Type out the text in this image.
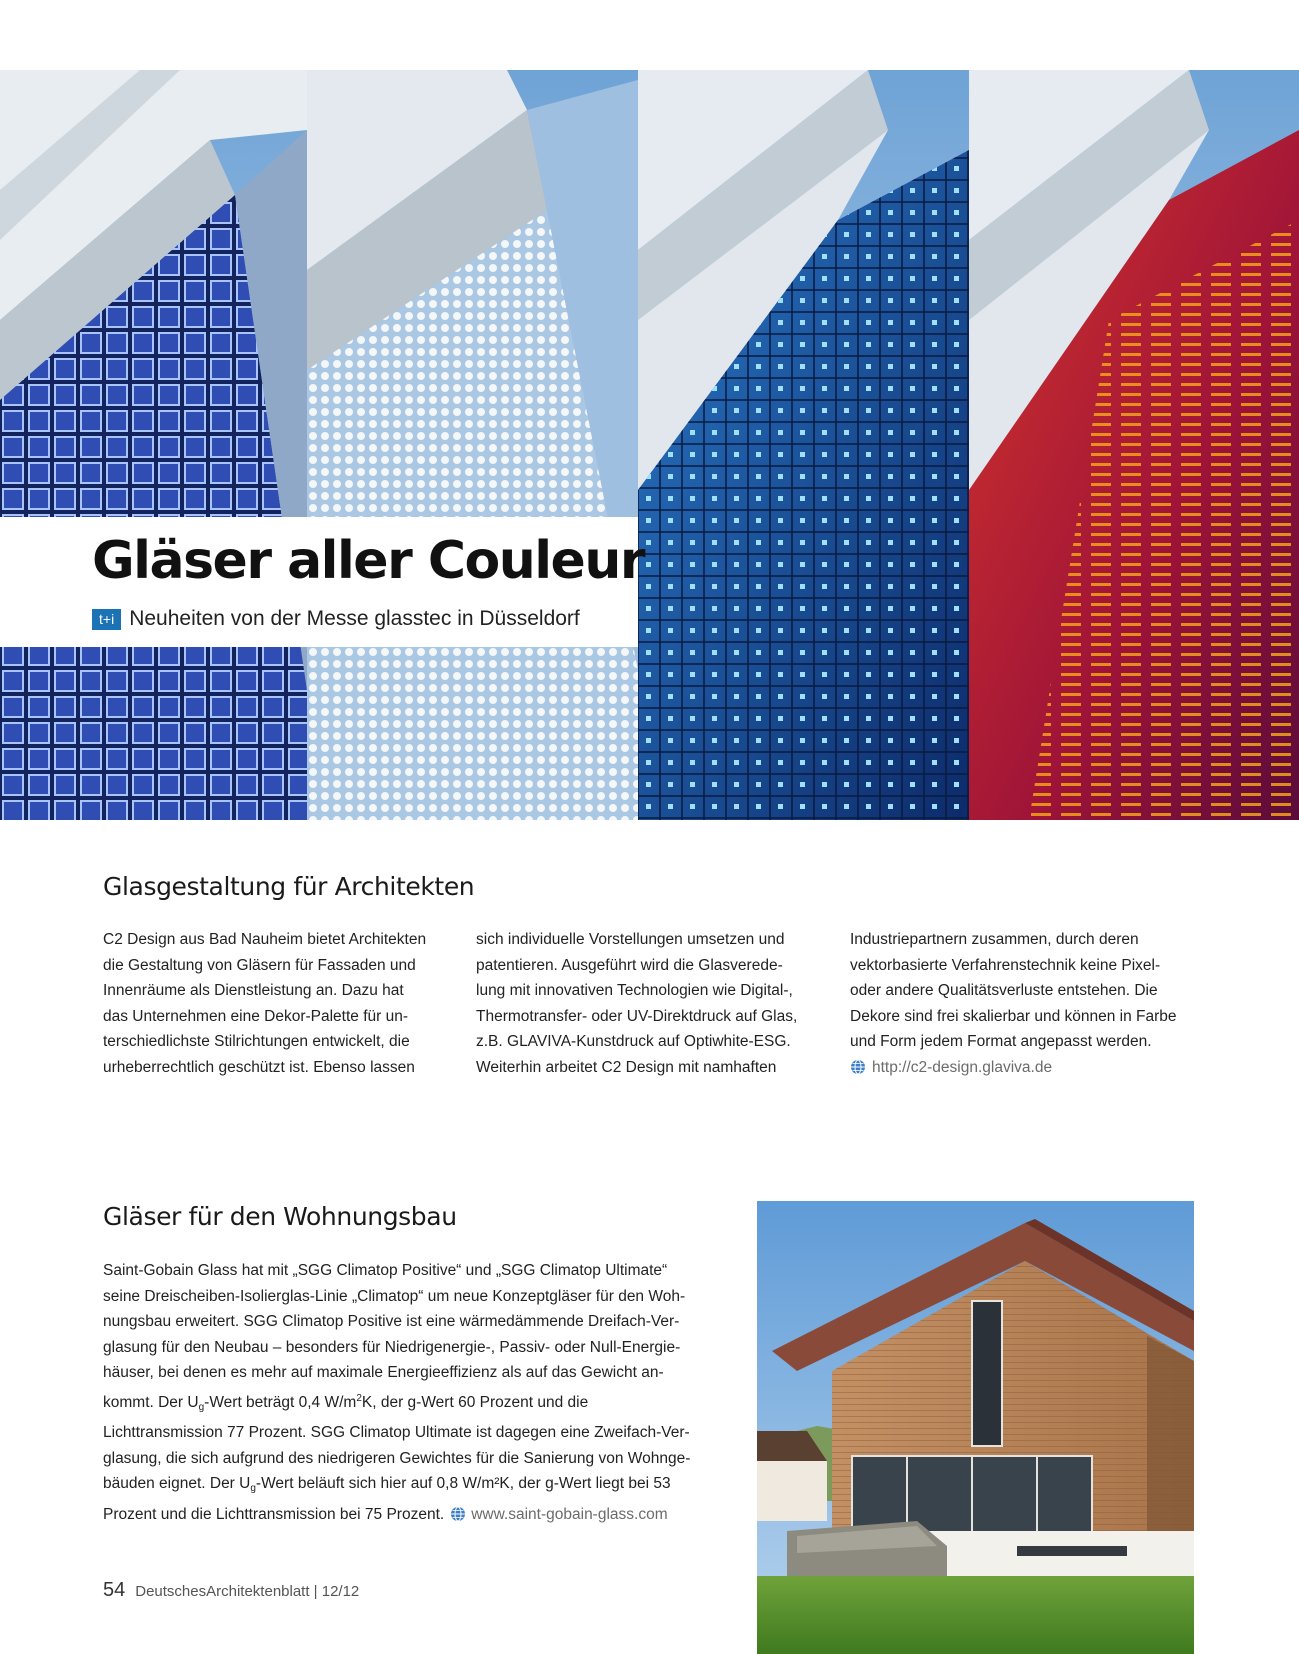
Gläser aller Couleur
t+i Neuheiten von der Messe glasstec in Düsseldorf
Glasgestaltung für Architekten
C2 Design aus Bad Nauheim bietet Architekten
die Gestaltung von Gläsern für Fassaden und
Innenräume als Dienstleistung an. Dazu hat
das Unternehmen eine Dekor-Palette für un-
terschiedlichste Stilrichtungen entwickelt, die
urheberrechtlich geschützt ist. Ebenso lassen
sich individuelle Vorstellungen umsetzen und
patentieren. Ausgeführt wird die Glasverede-
lung mit innovativen Technologien wie Digital-,
Thermotransfer- oder UV-Direktdruck auf Glas,
z.B. GLAVIVA-Kunstdruck auf Optiwhite-ESG.
Weiterhin arbeitet C2 Design mit namhaften
Industriepartnern zusammen, durch deren
vektorbasierte Verfahrenstechnik keine Pixel-
oder andere Qualitätsverluste entstehen. Die
Dekore sind frei skalierbar und können in Farbe
und Form jedem Format angepasst werden.
http://c2-design.glaviva.de
Gläser für den Wohnungsbau
Saint-Gobain Glass hat mit „SGG Climatop Positive“ und „SGG Climatop Ultimate“
seine Dreischeiben-Isolierglas-Linie „Climatop“ um neue Konzeptgläser für den Woh-
nungsbau erweitert. SGG Climatop Positive ist eine wärmedämmende Dreifach-Ver-
glasung für den Neubau – besonders für Niedrigenergie-, Passiv- oder Null-Energie-
häuser, bei denen es mehr auf maximale Energieeffizienz als auf das Gewicht an-
kommt. Der $U_g$-Wert beträgt 0,4 $W/m^2K$, der g-Wert 60 Prozent und die
Lichttransmission 77 Prozent. SGG Climatop Ultimate ist dagegen eine Zweifach-Ver-
glasung, die sich aufgrund des niedrigeren Gewichtes für die Sanierung von Wohnge-
bäuden eignet. Der $U_g$-Wert beläuft sich hier auf 0,8 W/m²K, der g-Wert liegt bei 53
Prozent und die Lichttransmission bei 75 Prozent. www.saint-gobain-glass.com
54 DeutschesArchitektenblatt | 12/12
